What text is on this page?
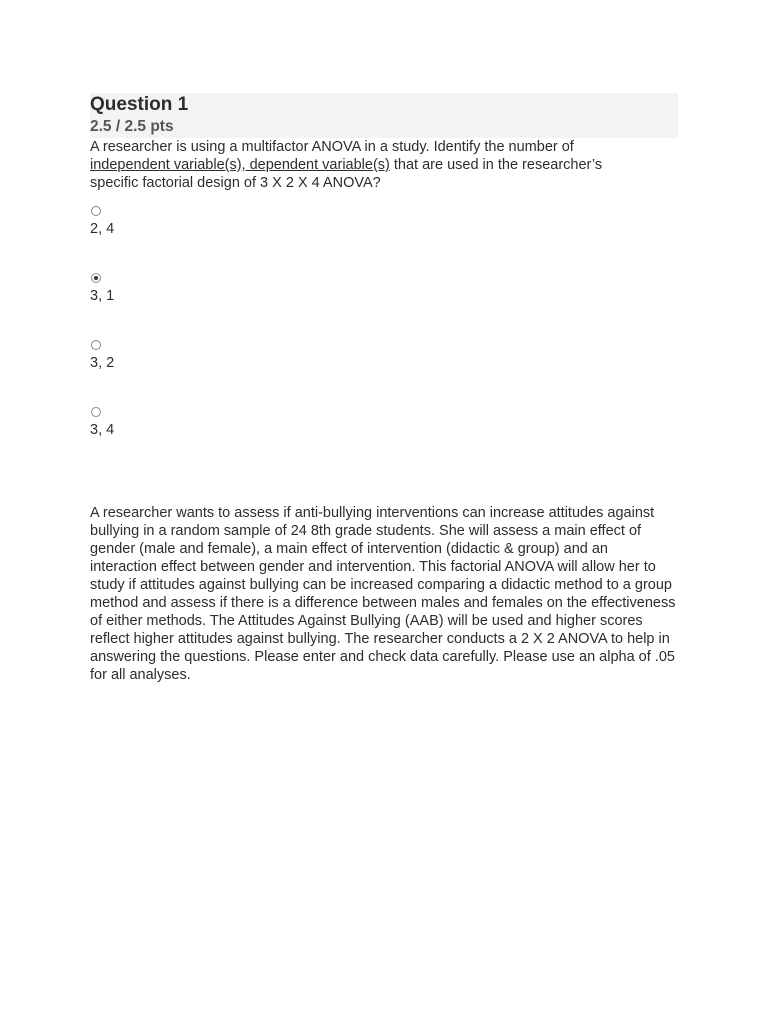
Question 1
2.5 / 2.5 pts
A researcher is using a multifactor ANOVA in a study. Identify the number of independent variable(s), dependent variable(s) that are used in the researcher’s specific factorial design of 3 X 2 X 4 ANOVA?
2, 4
3, 1
3, 2
3, 4
A researcher wants to assess if anti-bullying interventions can increase attitudes against bullying in a random sample of 24 8th grade students. She will assess a main effect of gender (male and female), a main effect of intervention (didactic & group) and an interaction effect between gender and intervention. This factorial ANOVA will allow her to study if attitudes against bullying can be increased comparing a didactic method to a group method and assess if there is a difference between males and females on the effectiveness of either methods. The Attitudes Against Bullying (AAB) will be used and higher scores reflect higher attitudes against bullying. The researcher conducts a 2 X 2 ANOVA to help in answering the questions. Please enter and check data carefully. Please use an alpha of .05 for all analyses.
